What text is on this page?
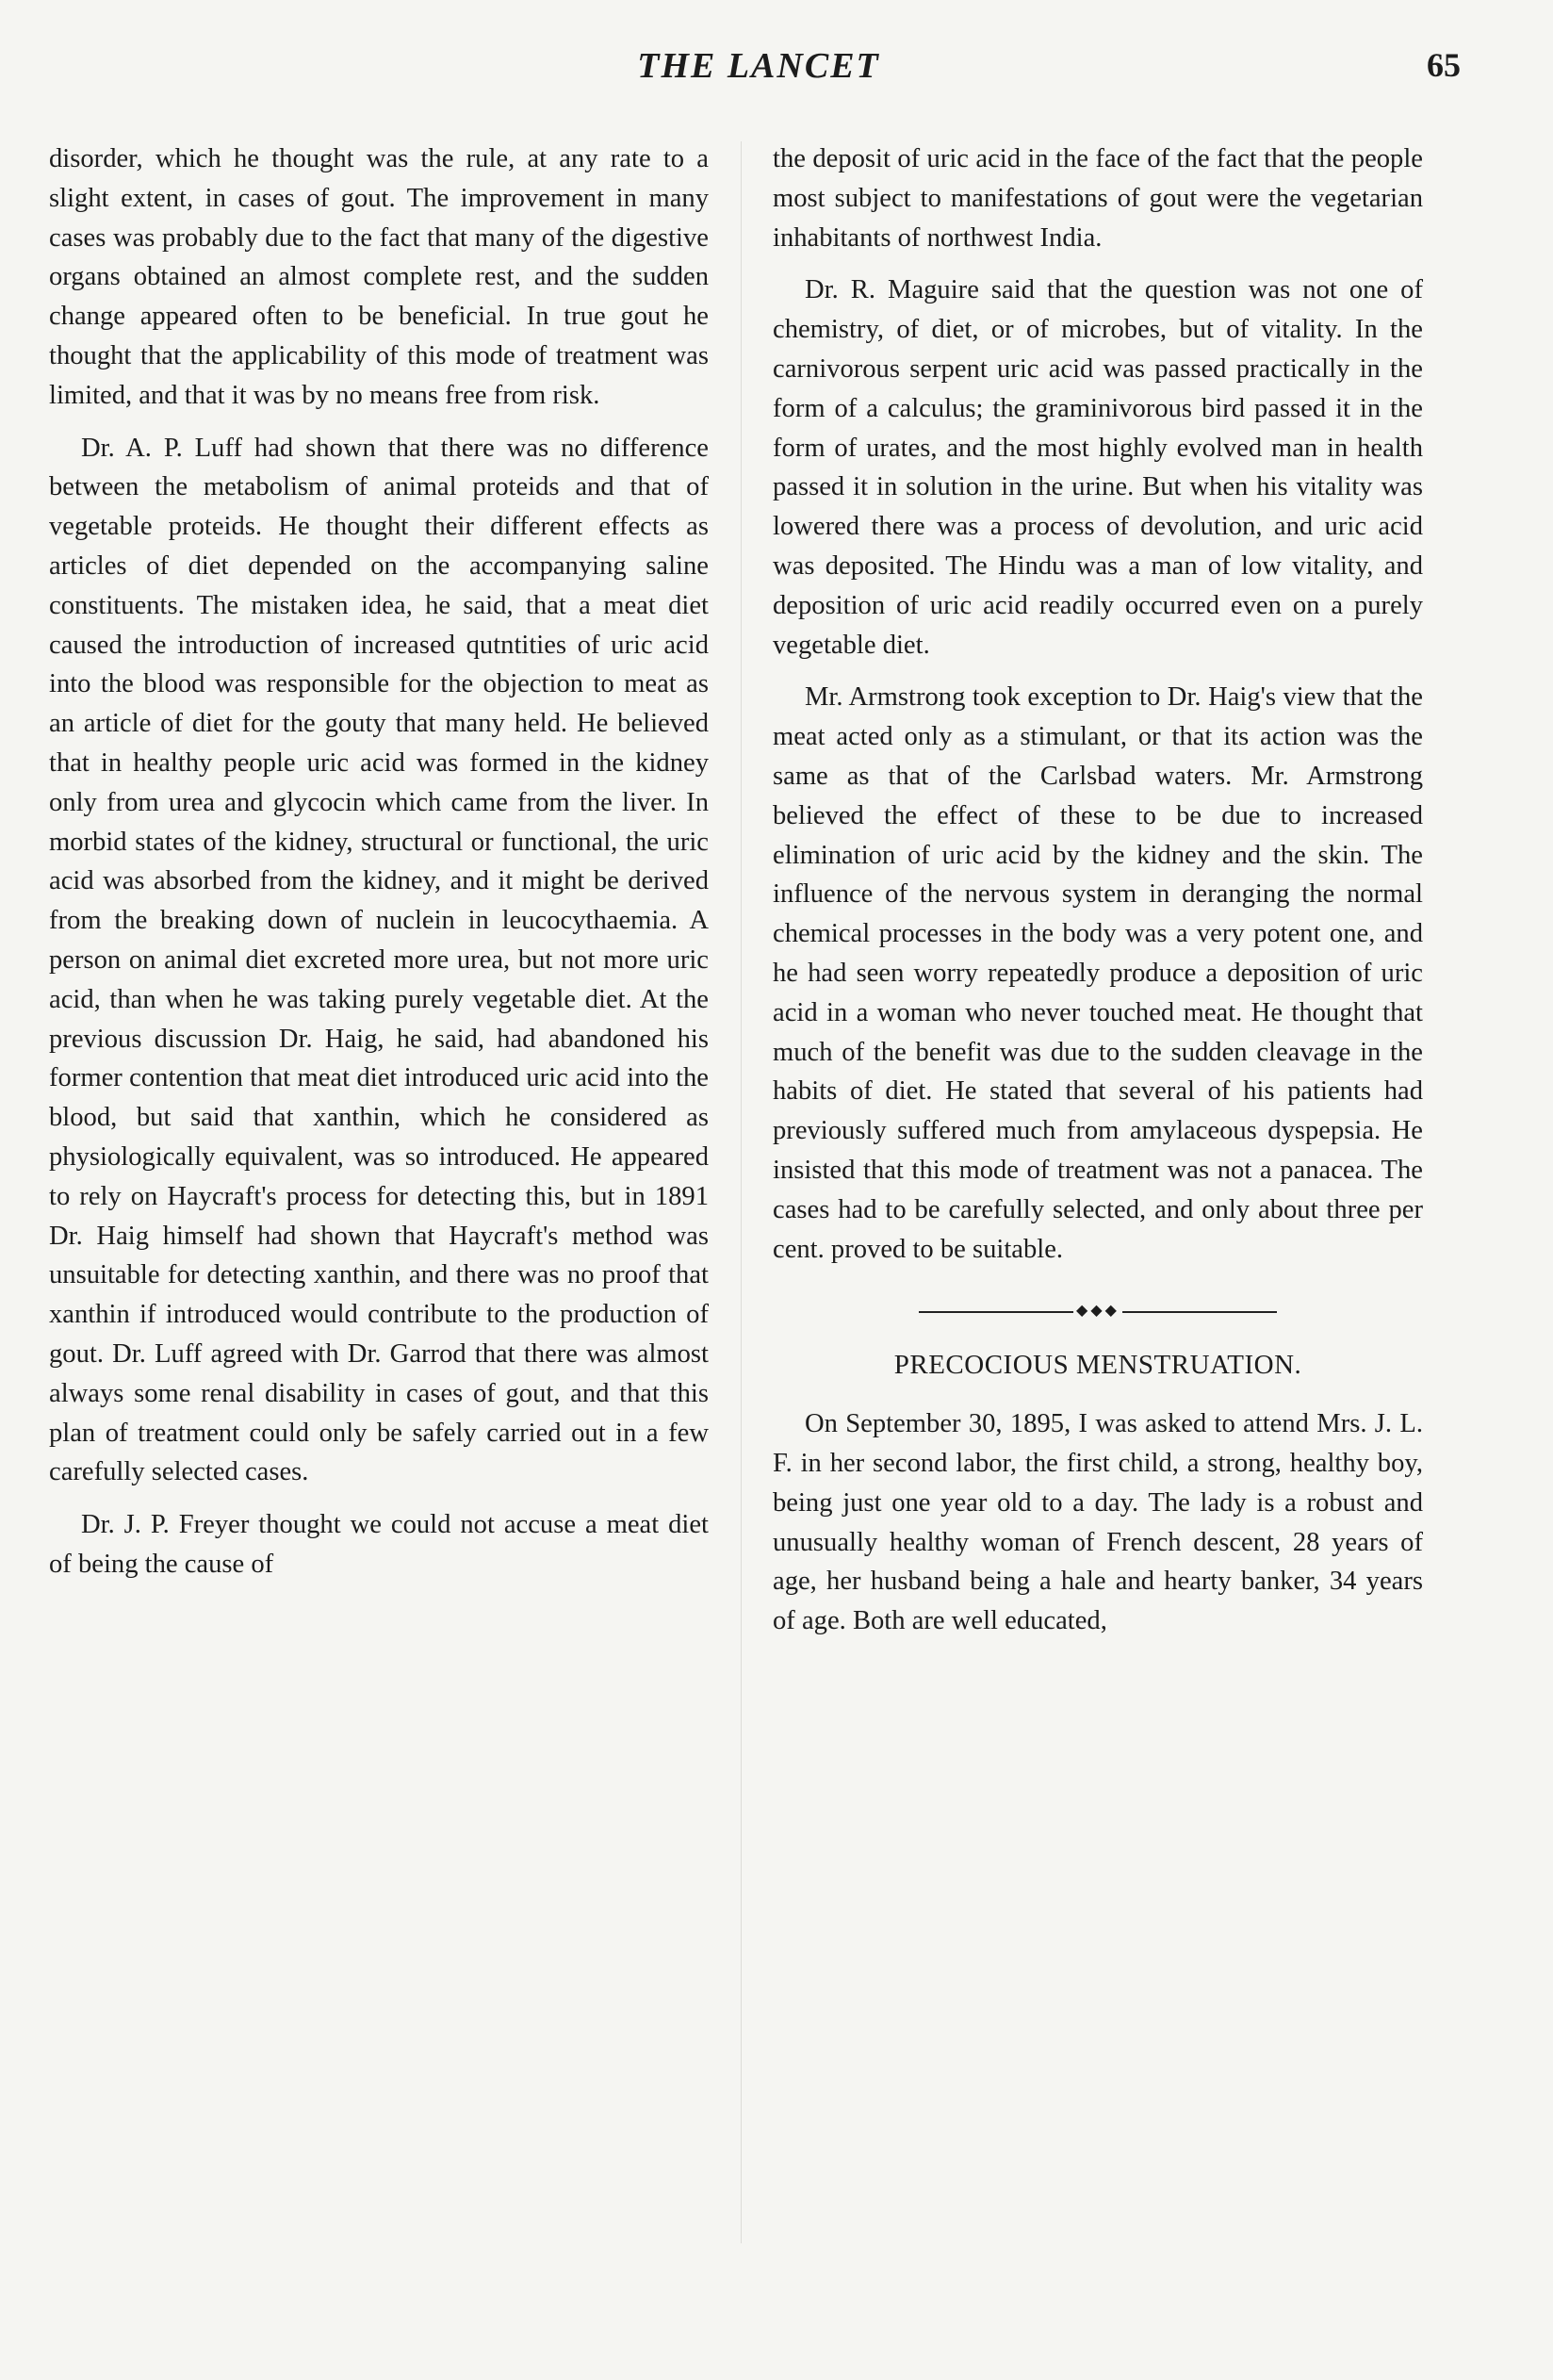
THE LANCET	65

disorder, which he thought was the rule, at any rate to a slight extent, in cases of gout. The improvement in many cases was probably due to the fact that many of the digestive organs obtained an almost complete rest, and the sudden change appeared often to be beneficial. In true gout he thought that the applicability of this mode of treatment was limited, and that it was by no means free from risk.

Dr. A. P. Luff had shown that there was no difference between the metabolism of animal proteids and that of vegetable proteids. He thought their different effects as articles of diet depended on the accompanying saline constituents. The mistaken idea, he said, that a meat diet caused the introduction of increased qutntities of uric acid into the blood was responsible for the objection to meat as an article of diet for the gouty that many held. He believed that in healthy people uric acid was formed in the kidney only from urea and glycocin which came from the liver. In morbid states of the kidney, structural or functional, the uric acid was absorbed from the kidney, and it might be derived from the breaking down of nuclein in leucocythaemia. A person on animal diet excreted more urea, but not more uric acid, than when he was taking purely vegetable diet. At the previous discussion Dr. Haig, he said, had abandoned his former contention that meat diet introduced uric acid into the blood, but said that xanthin, which he considered as physiologically equivalent, was so introduced. He appeared to rely on Haycraft's process for detecting this, but in 1891 Dr. Haig himself had shown that Haycraft's method was unsuitable for detecting xanthin, and there was no proof that xanthin if introduced would contribute to the production of gout. Dr. Luff agreed with Dr. Garrod that there was almost always some renal disability in cases of gout, and that this plan of treatment could only be safely carried out in a few carefully selected cases.

Dr. J. P. Freyer thought we could not accuse a meat diet of being the cause of

the deposit of uric acid in the face of the fact that the people most subject to manifestations of gout were the vegetarian inhabitants of northwest India.

Dr. R. Maguire said that the question was not one of chemistry, of diet, or of microbes, but of vitality. In the carnivorous serpent uric acid was passed practically in the form of a calculus; the graminivorous bird passed it in the form of urates, and the most highly evolved man in health passed it in solution in the urine. But when his vitality was lowered there was a process of devolution, and uric acid was deposited. The Hindu was a man of low vitality, and deposition of uric acid readily occurred even on a purely vegetable diet.

Mr. Armstrong took exception to Dr. Haig's view that the meat acted only as a stimulant, or that its action was the same as that of the Carlsbad waters. Mr. Armstrong believed the effect of these to be due to increased elimination of uric acid by the kidney and the skin. The influence of the nervous system in deranging the normal chemical processes in the body was a very potent one, and he had seen worry repeatedly produce a deposition of uric acid in a woman who never touched meat. He thought that much of the benefit was due to the sudden cleavage in the habits of diet. He stated that several of his patients had previously suffered much from amylaceous dyspepsia. He insisted that this mode of treatment was not a panacea. The cases had to be carefully selected, and only about three per cent. proved to be suitable.

◆◆◆
PRECOCIOUS MENSTRUATION.

On September 30, 1895, I was asked to attend Mrs. J. L. F. in her second labor, the first child, a strong, healthy boy, being just one year old to a day. The lady is a robust and unusually healthy woman of French descent, 28 years of age, her husband being a hale and hearty banker, 34 years of age. Both are well educated,
